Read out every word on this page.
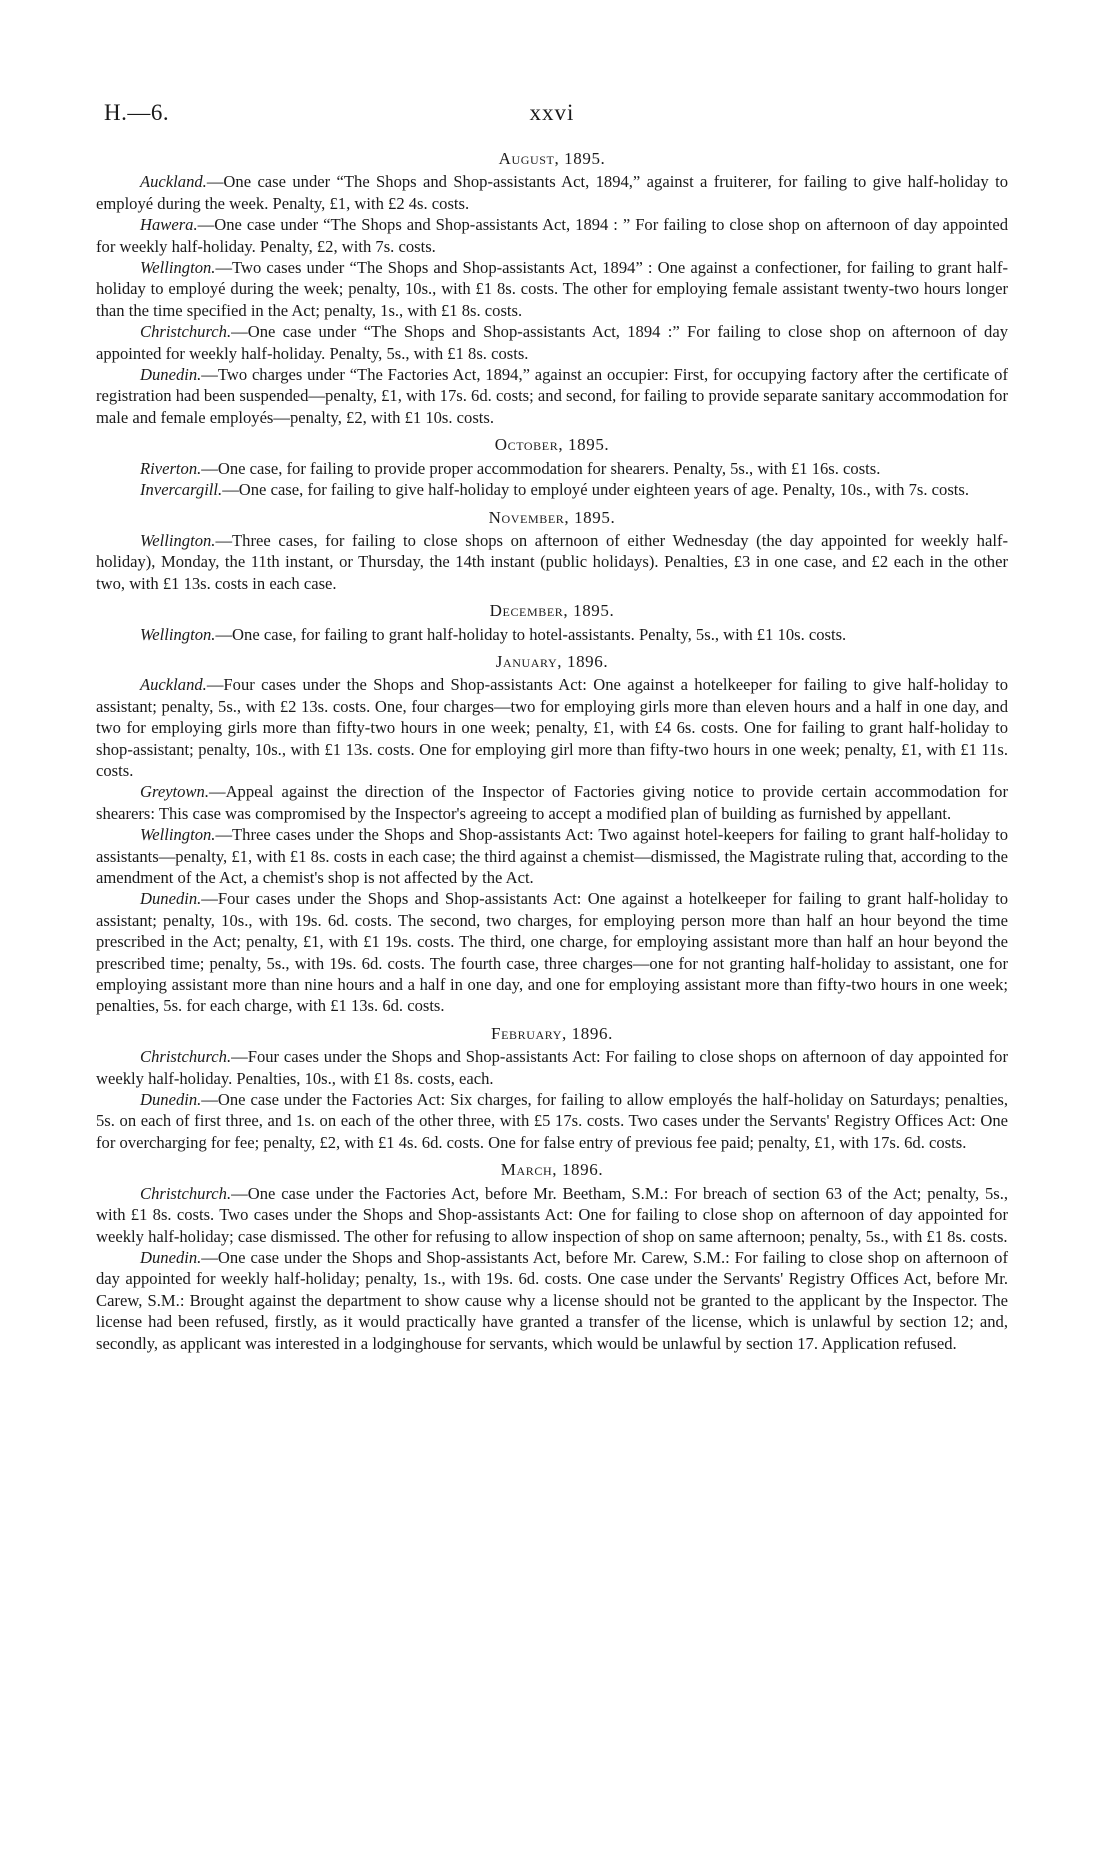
H.—6.	xxvi
August, 1895.

Auckland.—One case under “The Shops and Shop-assistants Act, 1894,” against a fruiterer, for failing to give half-holiday to employé during the week. Penalty, £1, with £2 4s. costs.

Hawera.—One case under “The Shops and Shop-assistants Act, 1894 : ” For failing to close shop on afternoon of day appointed for weekly half-holiday. Penalty, £2, with 7s. costs.

Wellington.—Two cases under “The Shops and Shop-assistants Act, 1894” : One against a confectioner, for failing to grant half-holiday to employé during the week; penalty, 10s., with £1 8s. costs. The other for employing female assistant twenty-two hours longer than the time specified in the Act; penalty, 1s., with £1 8s. costs.

Christchurch.—One case under “The Shops and Shop-assistants Act, 1894 :” For failing to close shop on afternoon of day appointed for weekly half-holiday. Penalty, 5s., with £1 8s. costs.

Dunedin.—Two charges under “The Factories Act, 1894,” against an occupier: First, for occupying factory after the certificate of registration had been suspended—penalty, £1, with 17s. 6d. costs; and second, for failing to provide separate sanitary accommodation for male and female employés—penalty, £2, with £1 10s. costs.

October, 1895.

Riverton.—One case, for failing to provide proper accommodation for shearers. Penalty, 5s., with £1 16s. costs.

Invercargill.—One case, for failing to give half-holiday to employé under eighteen years of age. Penalty, 10s., with 7s. costs.

November, 1895.

Wellington.—Three cases, for failing to close shops on afternoon of either Wednesday (the day appointed for weekly half-holiday), Monday, the 11th instant, or Thursday, the 14th instant (public holidays). Penalties, £3 in one case, and £2 each in the other two, with £1 13s. costs in each case.

December, 1895.

Wellington.—One case, for failing to grant half-holiday to hotel-assistants. Penalty, 5s., with £1 10s. costs.

January, 1896.

Auckland.—Four cases under the Shops and Shop-assistants Act: One against a hotelkeeper for failing to give half-holiday to assistant; penalty, 5s., with £2 13s. costs. One, four charges—two for employing girls more than eleven hours and a half in one day, and two for employing girls more than fifty-two hours in one week; penalty, £1, with £4 6s. costs. One for failing to grant half-holiday to shop-assistant; penalty, 10s., with £1 13s. costs. One for employing girl more than fifty-two hours in one week; penalty, £1, with £1 11s. costs.

Greytown.—Appeal against the direction of the Inspector of Factories giving notice to provide certain accommodation for shearers: This case was compromised by the Inspector's agreeing to accept a modified plan of building as furnished by appellant.

Wellington.—Three cases under the Shops and Shop-assistants Act: Two against hotel-keepers for failing to grant half-holiday to assistants—penalty, £1, with £1 8s. costs in each case; the third against a chemist—dismissed, the Magistrate ruling that, according to the amendment of the Act, a chemist's shop is not affected by the Act.

Dunedin.—Four cases under the Shops and Shop-assistants Act: One against a hotelkeeper for failing to grant half-holiday to assistant; penalty, 10s., with 19s. 6d. costs. The second, two charges, for employing person more than half an hour beyond the time prescribed in the Act; penalty, £1, with £1 19s. costs. The third, one charge, for employing assistant more than half an hour beyond the prescribed time; penalty, 5s., with 19s. 6d. costs. The fourth case, three charges—one for not granting half-holiday to assistant, one for employing assistant more than nine hours and a half in one day, and one for employing assistant more than fifty-two hours in one week; penalties, 5s. for each charge, with £1 13s. 6d. costs.

February, 1896.

Christchurch.—Four cases under the Shops and Shop-assistants Act: For failing to close shops on afternoon of day appointed for weekly half-holiday. Penalties, 10s., with £1 8s. costs, each.

Dunedin.—One case under the Factories Act: Six charges, for failing to allow employés the half-holiday on Saturdays; penalties, 5s. on each of first three, and 1s. on each of the other three, with £5 17s. costs. Two cases under the Servants' Registry Offices Act: One for overcharging for fee; penalty, £2, with £1 4s. 6d. costs. One for false entry of previous fee paid; penalty, £1, with 17s. 6d. costs.

March, 1896.

Christchurch.—One case under the Factories Act, before Mr. Beetham, S.M.: For breach of section 63 of the Act; penalty, 5s., with £1 8s. costs. Two cases under the Shops and Shop-assistants Act: One for failing to close shop on afternoon of day appointed for weekly half-holiday; case dismissed. The other for refusing to allow inspection of shop on same afternoon; penalty, 5s., with £1 8s. costs.

Dunedin.—One case under the Shops and Shop-assistants Act, before Mr. Carew, S.M.: For failing to close shop on afternoon of day appointed for weekly half-holiday; penalty, 1s., with 19s. 6d. costs. One case under the Servants' Registry Offices Act, before Mr. Carew, S.M.: Brought against the department to show cause why a license should not be granted to the applicant by the Inspector. The license had been refused, firstly, as it would practically have granted a transfer of the license, which is unlawful by section 12; and, secondly, as applicant was interested in a lodginghouse for servants, which would be unlawful by section 17. Application refused.
